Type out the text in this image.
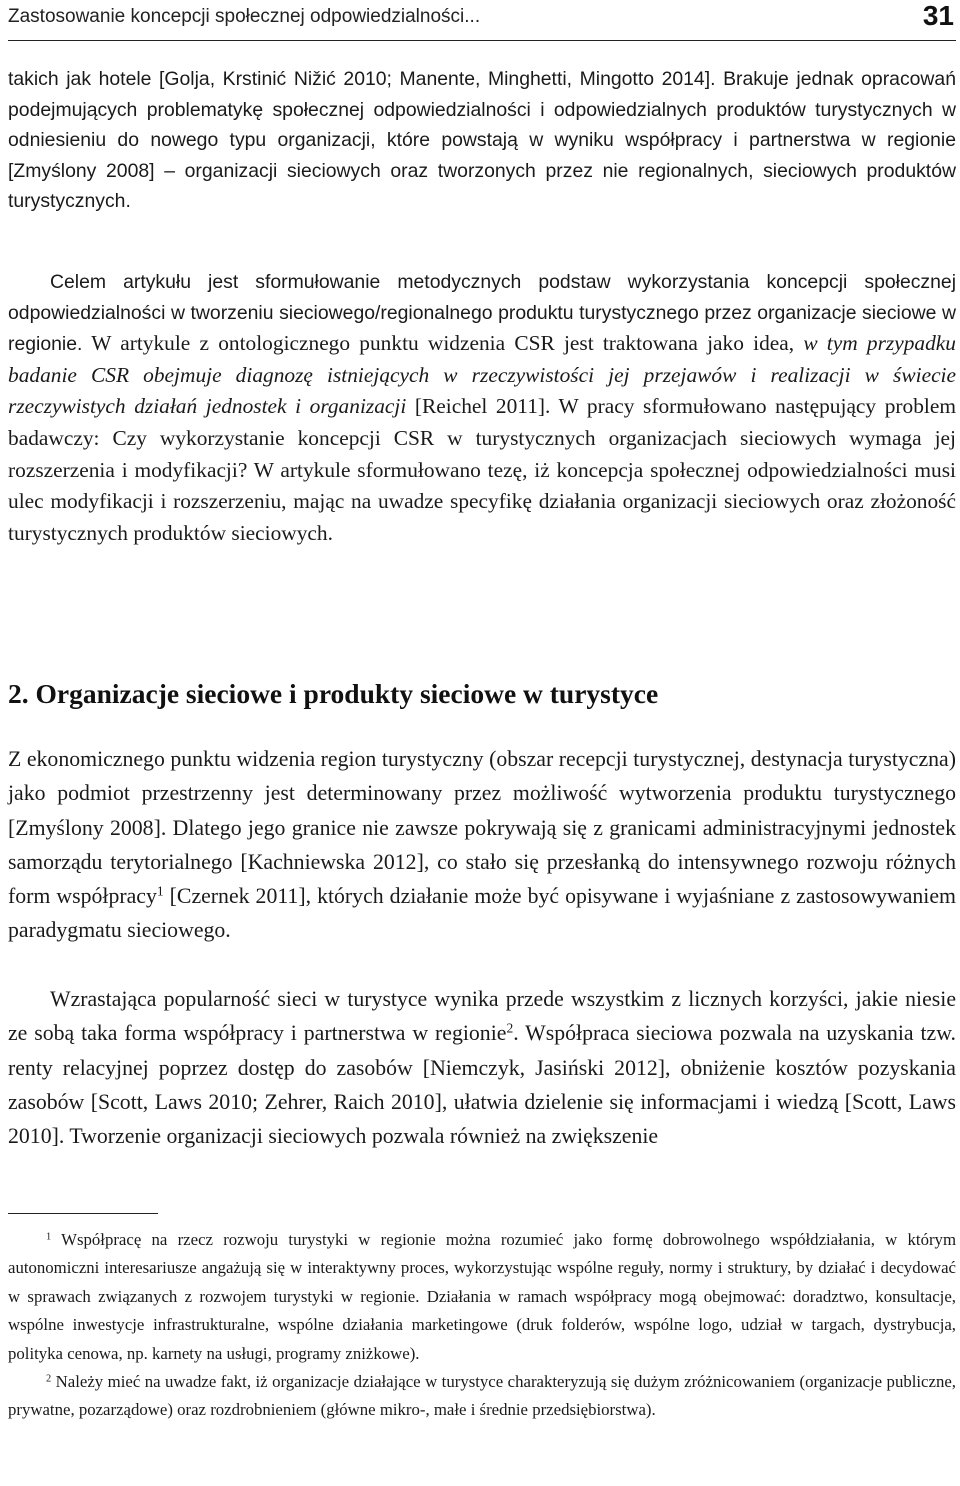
Zastosowanie koncepcji społecznej odpowiedzialności...	31

takich jak hotele [Golja, Krstinić Nižić 2010; Manente, Minghetti, Mingotto 2014]. Brakuje jednak opracowań podejmujących problematykę społecznej odpowiedzialności i odpowiedzialnych produktów turystycznych w odniesieniu do nowego typu organizacji, które powstają w wyniku współpracy i partnerstwa w regionie [Zmyślony 2008] – organizacji sieciowych oraz tworzonych przez nie regionalnych, sieciowych produktów turystycznych.

Celem artykułu jest sformułowanie metodycznych podstaw wykorzystania koncepcji społecznej odpowiedzialności w tworzeniu sieciowego/regionalnego produktu turystycznego przez organizacje sieciowe w regionie. W artykule z ontologicznego punktu widzenia CSR jest traktowana jako idea, w tym przypadku badanie CSR obejmuje diagnozę istniejących w rzeczywistości jej przejawów i realizacji w świecie rzeczywistych działań jednostek i organizacji [Reichel 2011]. W pracy sformułowano następujący problem badawczy: Czy wykorzystanie koncepcji CSR w turystycznych organizacjach sieciowych wymaga jej rozszerzenia i modyfikacji? W artykule sformułowano tezę, iż koncepcja społecznej odpowiedzialności musi ulec modyfikacji i rozszerzeniu, mając na uwadze specyfikę działania organizacji sieciowych oraz złożoność turystycznych produktów sieciowych.

2. Organizacje sieciowe i produkty sieciowe w turystyce

Z ekonomicznego punktu widzenia region turystyczny (obszar recepcji turystycznej, destynacja turystyczna) jako podmiot przestrzenny jest determinowany przez możliwość wytworzenia produktu turystycznego [Zmyślony 2008]. Dlatego jego granice nie zawsze pokrywają się z granicami administracyjnymi jednostek samorządu terytorialnego [Kachniewska 2012], co stało się przesłanką do intensywnego rozwoju różnych form współpracy$^1$ [Czernek 2011], których działanie może być opisywane i wyjaśniane z zastosowywaniem paradygmatu sieciowego.

Wzrastająca popularność sieci w turystyce wynika przede wszystkim z licznych korzyści, jakie niesie ze sobą taka forma współpracy i partnerstwa w regionie$^2$. Współpraca sieciowa pozwala na uzyskania tzw. renty relacyjnej poprzez dostęp do zasobów [Niemczyk, Jasiński 2012], obniżenie kosztów pozyskania zasobów [Scott, Laws 2010; Zehrer, Raich 2010], ułatwia dzielenie się informacjami i wiedzą [Scott, Laws 2010]. Tworzenie organizacji sieciowych pozwala również na zwiększenie

$^1$ Współpracę na rzecz rozwoju turystyki w regionie można rozumieć jako formę dobrowolnego współdziałania, w którym autonomiczni interesariusze angażują się w interaktywny proces, wykorzystując wspólne reguły, normy i struktury, by działać i decydować w sprawach związanych z rozwojem turystyki w regionie. Działania w ramach współpracy mogą obejmować: doradztwo, konsultacje, wspólne inwestycje infrastrukturalne, wspólne działania marketingowe (druk folderów, wspólne logo, udział w targach, dystrybucja, polityka cenowa, np. karnety na usługi, programy zniżkowe).

$^2$ Należy mieć na uwadze fakt, iż organizacje działające w turystyce charakteryzują się dużym zróżnicowaniem (organizacje publiczne, prywatne, pozarządowe) oraz rozdrobnieniem (główne mikro-, małe i średnie przedsiębiorstwa).
